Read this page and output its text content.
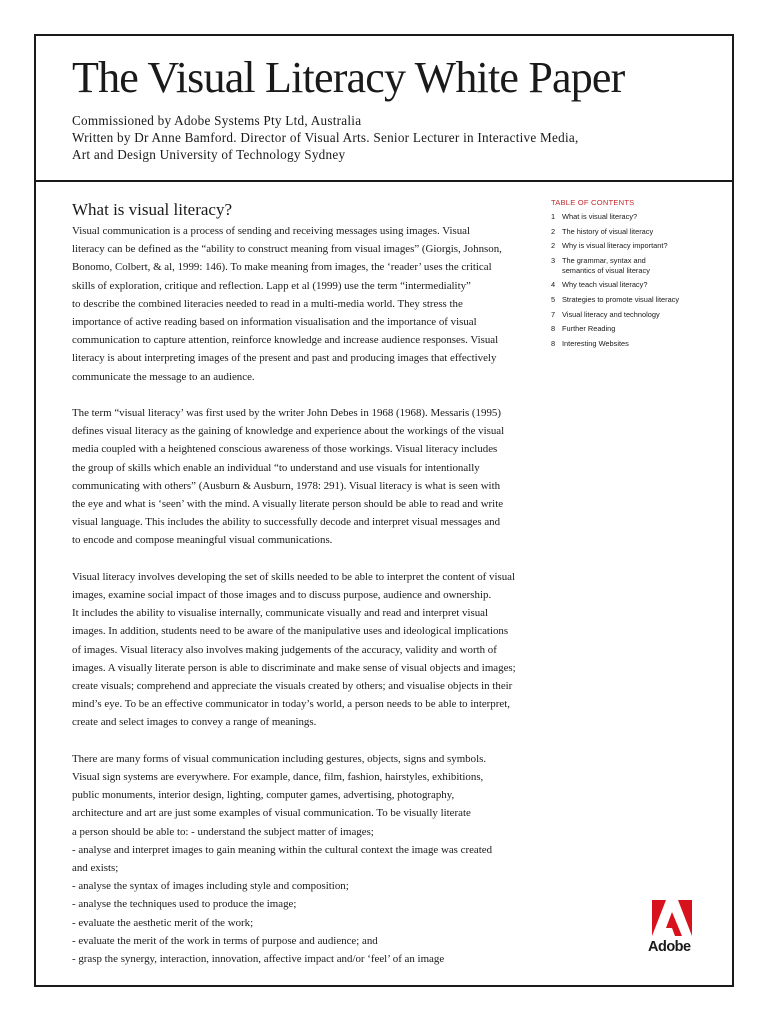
The Visual Literacy White Paper
Commissioned by Adobe Systems Pty Ltd, Australia
Written by Dr Anne Bamford. Director of Visual Arts. Senior Lecturer in Interactive Media,
Art and Design University of Technology Sydney
What is visual literacy?

Visual communication is a process of sending and receiving messages using images. Visual
literacy can be defined as the “ability to construct meaning from visual images” (Giorgis, Johnson,
Bonomo, Colbert, & al, 1999: 146). To make meaning from images, the ‘reader’ uses the critical
skills of exploration, critique and reflection. Lapp et al (1999) use the term “intermediality”
to describe the combined literacies needed to read in a multi-media world. They stress the
importance of active reading based on information visualisation and the importance of visual
communication to capture attention, reinforce knowledge and increase audience responses. Visual
literacy is about interpreting images of the present and past and producing images that effectively
communicate the message to an audience.

The term “visual literacy’ was first used by the writer John Debes in 1968 (1968). Messaris (1995)
defines visual literacy as the gaining of knowledge and experience about the workings of the visual
media coupled with a heightened conscious awareness of those workings. Visual literacy includes
the group of skills which enable an individual “to understand and use visuals for intentionally
communicating with others” (Ausburn & Ausburn, 1978: 291). Visual literacy is what is seen with
the eye and what is ‘seen’ with the mind. A visually literate person should be able to read and write
visual language. This includes the ability to successfully decode and interpret visual messages and
to encode and compose meaningful visual communications.

Visual literacy involves developing the set of skills needed to be able to interpret the content of visual
images, examine social impact of those images and to discuss purpose, audience and ownership.
It includes the ability to visualise internally, communicate visually and read and interpret visual
images. In addition, students need to be aware of the manipulative uses and ideological implications
of images. Visual literacy also involves making judgements of the accuracy, validity and worth of
images. A visually literate person is able to discriminate and make sense of visual objects and images;
create visuals; comprehend and appreciate the visuals created by others; and visualise objects in their
mind’s eye. To be an effective communicator in today’s world, a person needs to be able to interpret,
create and select images to convey a range of meanings.

There are many forms of visual communication including gestures, objects, signs and symbols.
Visual sign systems are everywhere. For example, dance, film, fashion, hairstyles, exhibitions,
public monuments, interior design, lighting, computer games, advertising, photography,
architecture and art are just some examples of visual communication. To be visually literate
a person should be able to: - understand the subject matter of images;
- analyse and interpret images to gain meaning within the cultural context the image was created
and exists;
- analyse the syntax of images including style and composition;
- analyse the techniques used to produce the image;
- evaluate the aesthetic merit of the work;
- evaluate the merit of the work in terms of purpose and audience; and
- grasp the synergy, interaction, innovation, affective impact and/or ‘feel’ of an image

TABLE OF CONTENTS
1 What is visual literacy?
2 The history of visual literacy
2 Why is visual literacy important?
3 The grammar, syntax and semantics of visual literacy
4 Why teach visual literacy?
5 Strategies to promote visual literacy
7 Visual literacy and technology
8 Further Reading
8 Interesting Websites
Adobe
